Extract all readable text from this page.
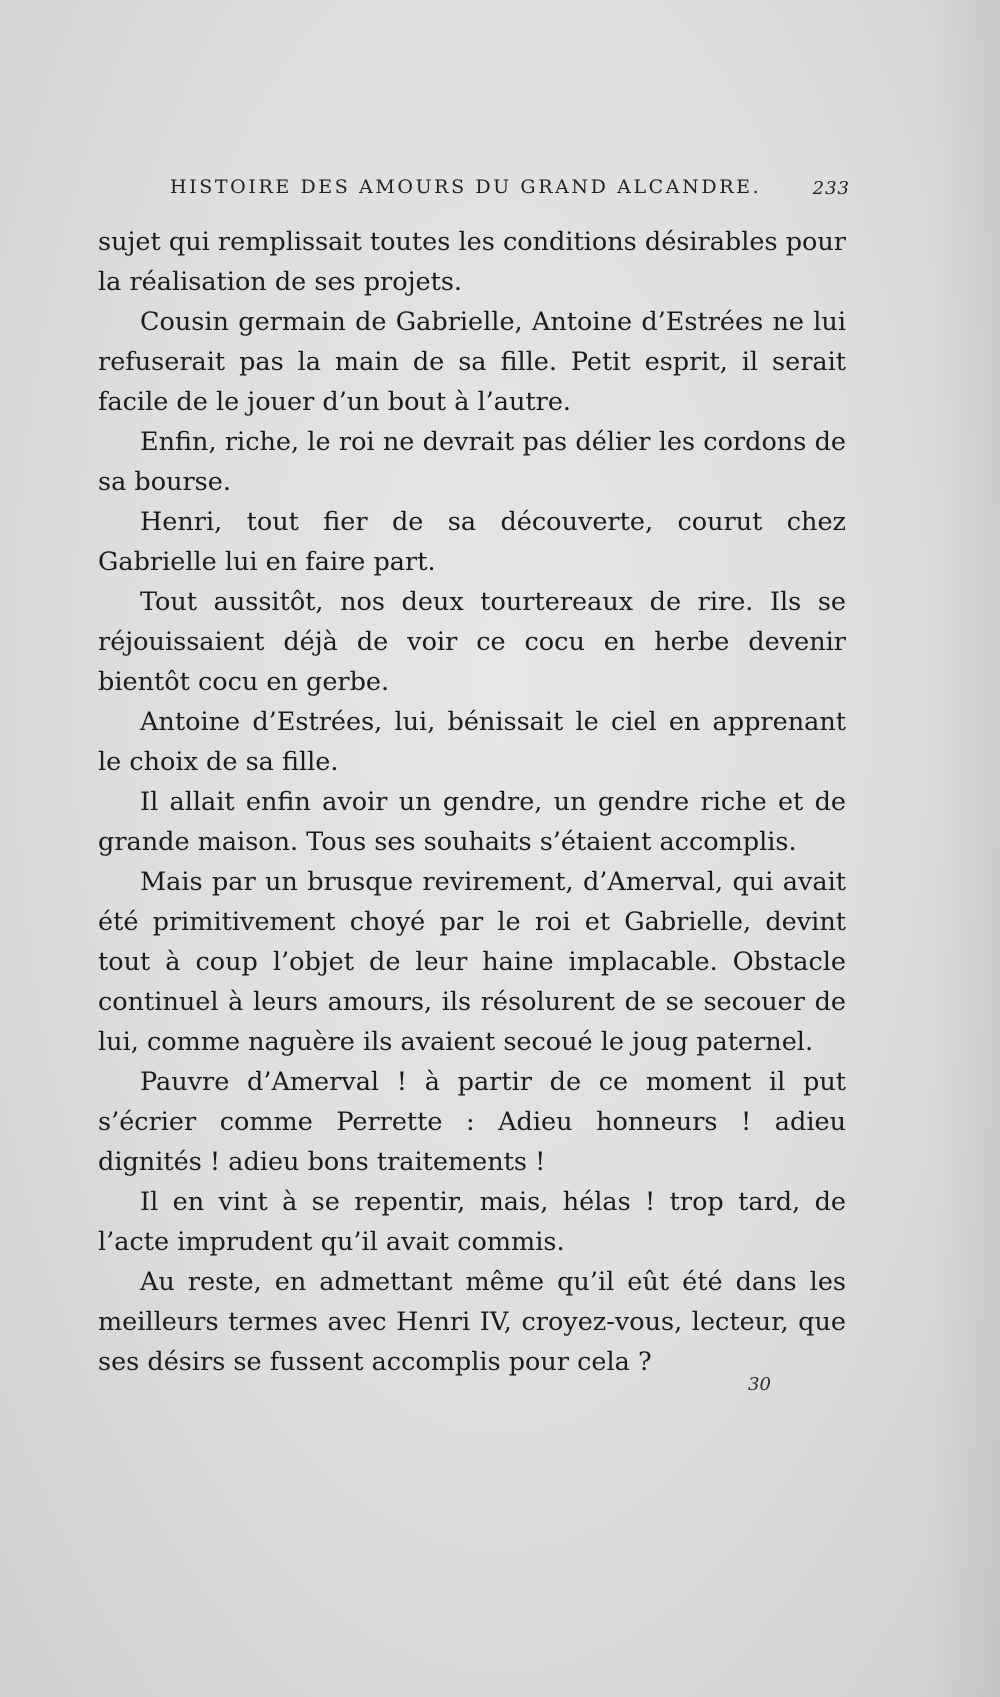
HISTOIRE DES AMOURS DU GRAND ALCANDRE.	233

sujet qui remplissait toutes les conditions désirables pour la réalisation de ses projets.

Cousin germain de Gabrielle, Antoine d’Estrées ne lui refuserait pas la main de sa fille. Petit esprit, il serait facile de le jouer d’un bout à l’autre.

Enfin, riche, le roi ne devrait pas délier les cordons de sa bourse.

Henri, tout fier de sa découverte, courut chez Gabrielle lui en faire part.

Tout aussitôt, nos deux tourtereaux de rire. Ils se réjouissaient déjà de voir ce cocu en herbe devenir bientôt cocu en gerbe.

Antoine d’Estrées, lui, bénissait le ciel en apprenant le choix de sa fille.

Il allait enfin avoir un gendre, un gendre riche et de grande maison. Tous ses souhaits s’étaient accomplis.

Mais par un brusque revirement, d’Amerval, qui avait été primitivement choyé par le roi et Gabrielle, devint tout à coup l’objet de leur haine implacable. Obstacle continuel à leurs amours, ils résolurent de se secouer de lui, comme naguère ils avaient secoué le joug paternel.

Pauvre d’Amerval ! à partir de ce moment il put s’écrier comme Perrette : Adieu honneurs ! adieu dignités ! adieu bons traitements !

Il en vint à se repentir, mais, hélas ! trop tard, de l’acte imprudent qu’il avait commis.

Au reste, en admettant même qu’il eût été dans les meilleurs termes avec Henri IV, croyez-vous, lecteur, que ses désirs se fussent accomplis pour cela ?

30
